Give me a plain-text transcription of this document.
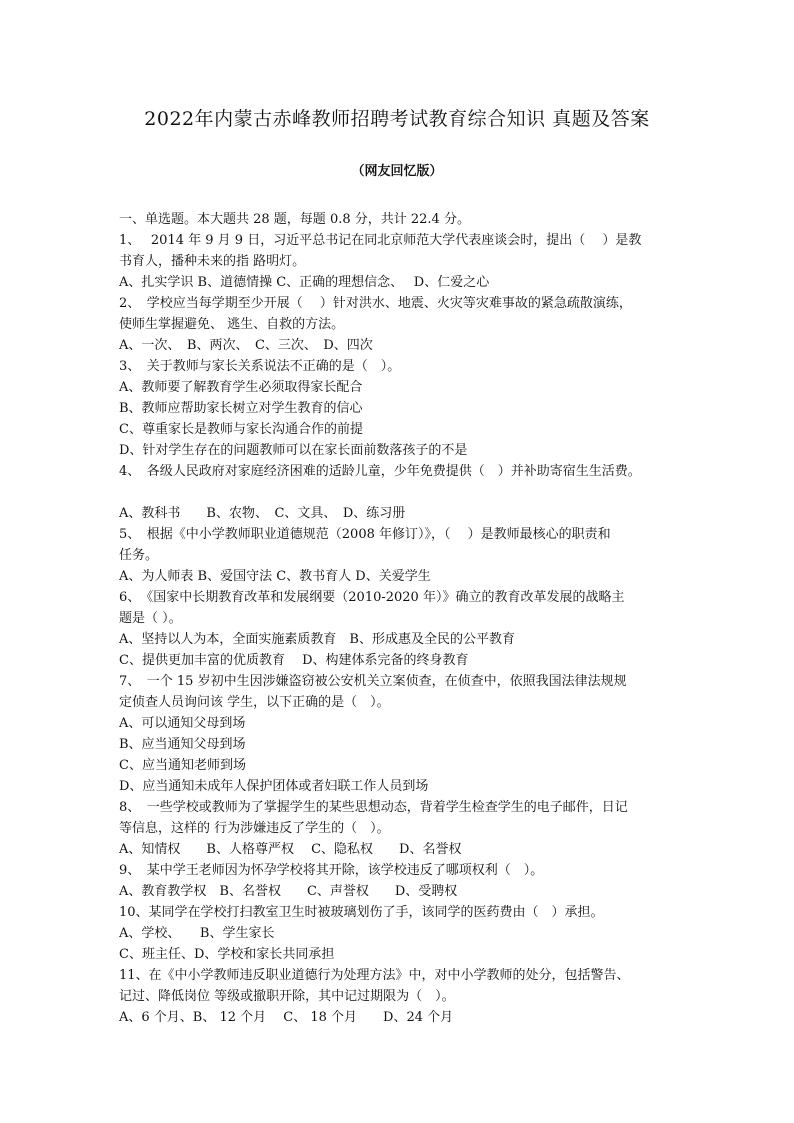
2022年内蒙古赤峰教师招聘考试教育综合知识 真题及答案
（网友回忆版）
一、单选题。本大题共 28 题，每题 0.8 分，共计 22.4 分。
1、　 2014 年 9 月 9 日，习近平总书记在同北京师范大学代表座谈会时，提出（　 ）是教
书育人，播种未来的指 路明灯。
A、扎实学识 B、道德情操 C、正确的理想信念、　 D、仁爱之心
2、　学校应当每学期至少开展（　 ）针对洪水、地震、火灾等灾难事故的紧急疏散演练，
使师生掌握避免、 逃生、自救的方法。
A、一次、　B、两次、　C、三次、　D、四次
3、　关于教师与家长关系说法不正确的是（　）。
A、教师要了解教育学生必须取得家长配合
B、教师应帮助家长树立对学生教育的信心
C、尊重家长是教师与家长沟通合作的前提
D、针对学生存在的问题教师可以在家长面前数落孩子的不是
4、　各级人民政府对家庭经济困难的适龄儿童，少年免费提供（　）并补助寄宿生生活费。
A、教科书　　B、农物、　C、文具、　D、练习册
5、　根据《中小学教师职业道德规范（2008 年修订）》，（　 ）是教师最核心的职责和
任务。
A、为人师表 B、爱国守法 C、教书育人 D、关爱学生
6、　《国家中长期教育改革和发展纲要（2010-2020 年）》确立的教育改革发展的战略主
题是（ ）。
A、坚持以人为本，全面实施素质教育　B、形成惠及全民的公平教育
C、提供更加丰富的优质教育　 D、构建体系完备的终身教育
7、　一个 15 岁初中生因涉嫌盗窃被公安机关立案侦查，在侦查中，依照我国法律法规规
定侦查人员询问该 学生，以下正确的是（　）。
A、可以通知父母到场
B、应当通知父母到场
C、应当通知老师到场
D、应当通知未成年人保护团体或者妇联工作人员到场
8、　一些学校或教师为了掌握学生的某些思想动态，背着学生检查学生的电子邮件，日记
等信息，这样的 行为涉嫌违反了学生的（　）。
A、知情权　　B、人格尊严权　 C、隐私权　　D、名誉权
9、　某中学王老师因为怀孕学校将其开除，该学校违反了哪项权利（　）。
A、教育教学权　B、名誉权　　C、声誉权　　D、受聘权
10、某同学在学校打扫教室卫生时被玻璃划伤了手，该同学的医药费由（　）承担。
A、学校、　　B、学生家长
C、班主任、D、学校和家长共同承担
11、在《中小学教师违反职业道德行为处理方法》中，对中小学教师的处分，包括警告、
记过、降低岗位 等级或撤职开除，其中记过期限为（　）。
A、6 个月、B、 12 个月　 C、 18 个月　　D、24 个月
